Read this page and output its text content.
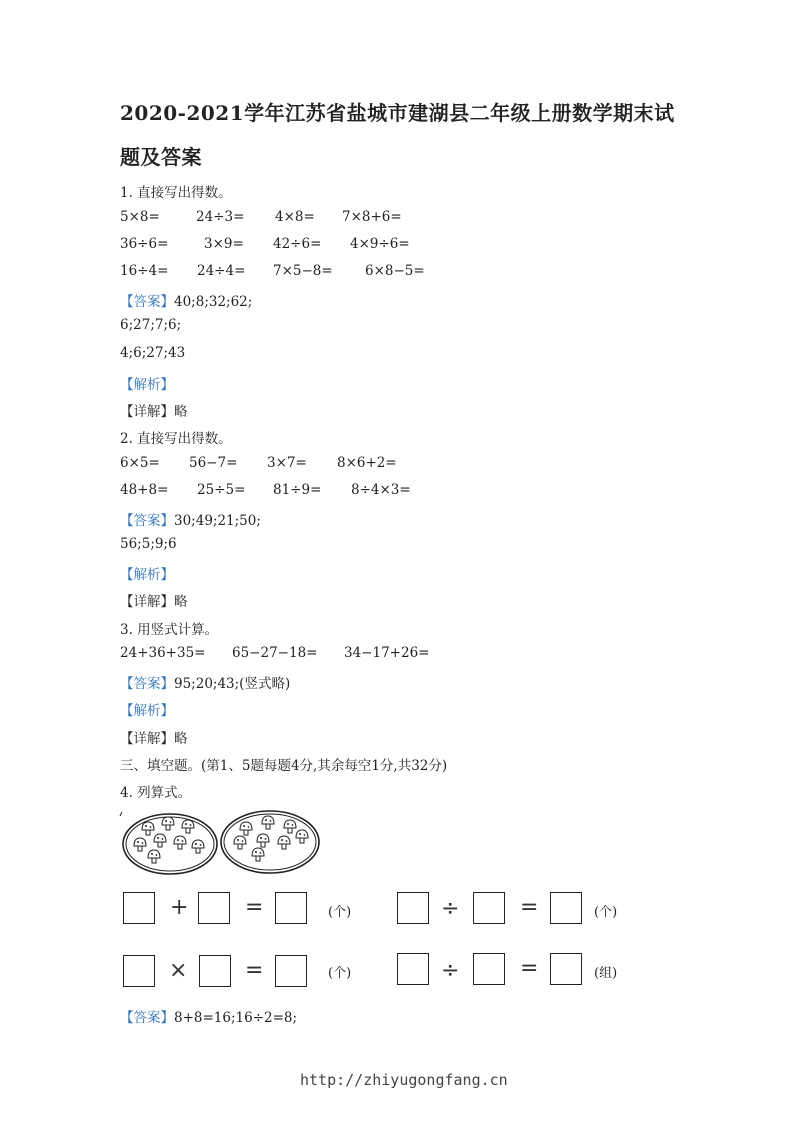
2020-2021学年江苏省盐城市建湖县二年级上册数学期末试
题及答案
1. 直接写出得数。
5×8=	24÷3= 4×8= 7×8+6=
36÷6=	3×9= 42÷6= 4×9÷6=
16÷4= 24÷4= 7×5−8= 6×8−5=
【答案】40;8;32;62;
6;27;7;6;
4;6;27;43
【解析】
【详解】略
2. 直接写出得数。
6×5= 56−7= 3×7= 8×6+2=
48+8= 25÷5= 81÷9= 8÷4×3=
【答案】30;49;21;50;
56;5;9;6
【解析】
【详解】略
3. 用竖式计算。
24+36+35= 65−27−18= 34−17+26=
【答案】95;20;43;(竖式略)
【解析】
【详解】略
三、填空题。(第1、5题每题4分,其余每空1分,共32分)
4. 列算式。
+	=	(个)	÷	=	(个)
×	=	(个)	÷	=	(组)
【答案】8+8=16;16÷2=8;
http://zhiyugongfang.cn
